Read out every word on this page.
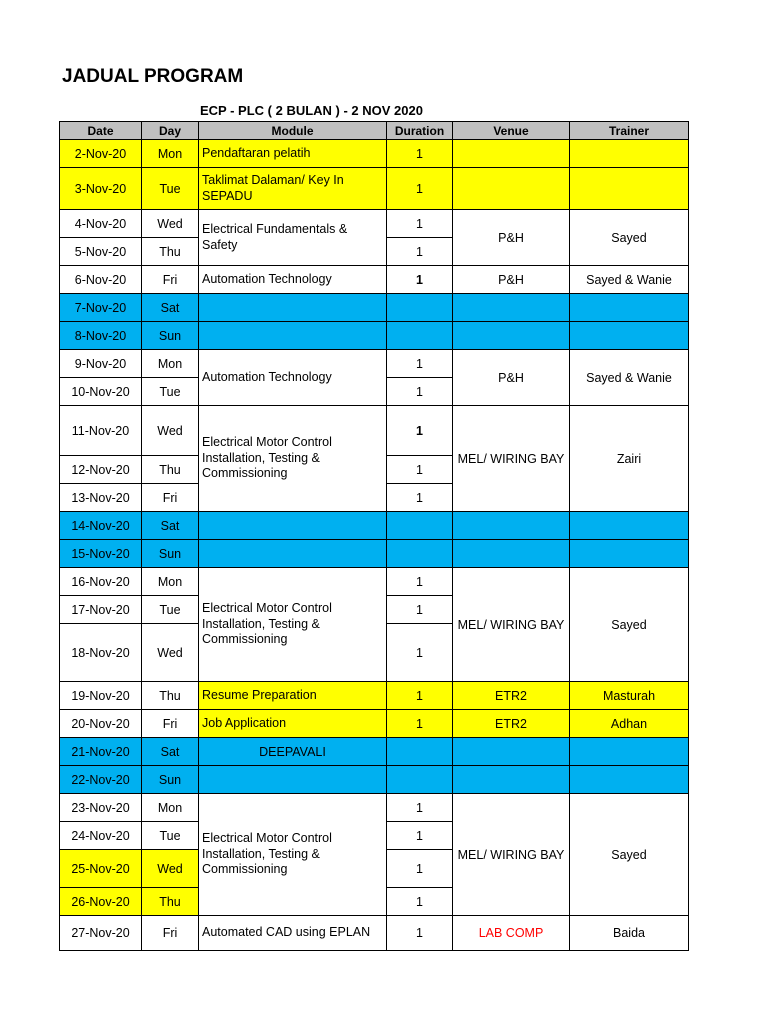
JADUAL PROGRAM
ECP - PLC ( 2 BULAN ) - 2 NOV 2020
Date	Day	Module	Duration	Venue	Trainer
2-Nov-20	Mon	Pendaftaran pelatih	1		
3-Nov-20	Tue	Taklimat Dalaman/ Key In SEPADU	1		
4-Nov-20	Wed	Electrical Fundamentals & Safety	1	P&H	Sayed
5-Nov-20	Thu		1		
6-Nov-20	Fri	Automation Technology	1	P&H	Sayed & Wanie
7-Nov-20	Sat				
8-Nov-20	Sun				
9-Nov-20	Mon	Automation Technology	1	P&H	Sayed & Wanie
10-Nov-20	Tue		1		
11-Nov-20	Wed	Electrical Motor Control Installation, Testing & Commissioning	1	MEL/ WIRING BAY	Zairi
12-Nov-20	Thu		1		
13-Nov-20	Fri		1		
14-Nov-20	Sat				
15-Nov-20	Sun				
16-Nov-20	Mon	Electrical Motor Control Installation, Testing & Commissioning	1	MEL/ WIRING BAY	Sayed
17-Nov-20	Tue		1		
18-Nov-20	Wed		1		
19-Nov-20	Thu	Resume Preparation	1	ETR2	Masturah
20-Nov-20	Fri	Job Application	1	ETR2	Adhan
21-Nov-20	Sat	DEEPAVALI			
22-Nov-20	Sun				
23-Nov-20	Mon	Electrical Motor Control Installation, Testing & Commissioning	1	MEL/ WIRING BAY	Sayed
24-Nov-20	Tue		1		
25-Nov-20	Wed		1		
26-Nov-20	Thu		1		
27-Nov-20	Fri	Automated CAD using EPLAN	1	LAB COMP	Baida
